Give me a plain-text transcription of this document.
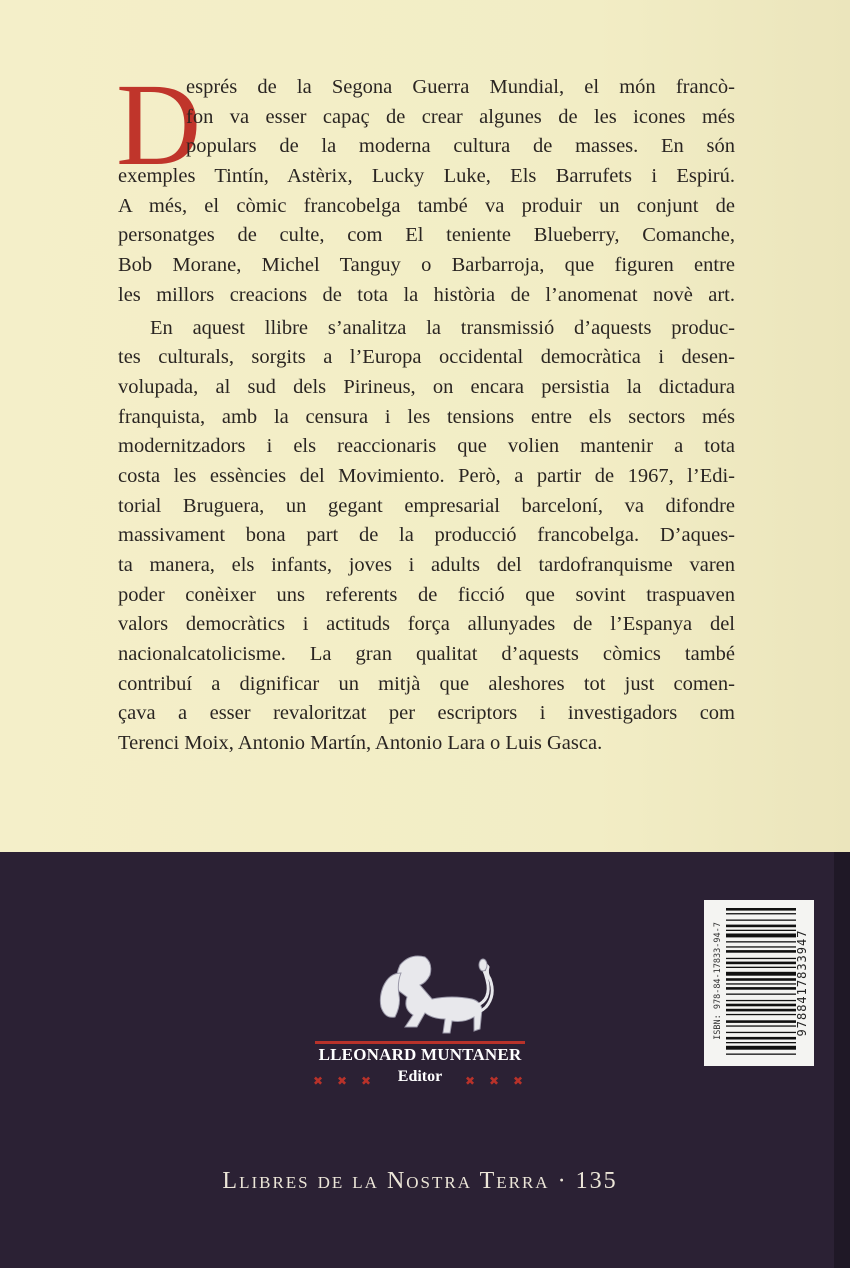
D
esprés de la Segona Guerra Mundial, el món francò-
fon va esser capaç de crear algunes de les icones més
populars de la moderna cultura de masses. En són
exemples Tintín, Astèrix, Lucky Luke, Els Barrufets i Espirú.
A més, el còmic francobelga també va produir un conjunt de
personatges de culte, com El teniente Blueberry, Comanche,
Bob Morane, Michel Tanguy o Barbarroja, que figuren entre
les millors creacions de tota la història de l’anomenat novè art.
En aquest llibre s’analitza la transmissió d’aquests produc-
tes culturals, sorgits a l’Europa occidental democràtica i desen-
volupada, al sud dels Pirineus, on encara persistia la dictadura
franquista, amb la censura i les tensions entre els sectors més
modernitzadors i els reaccionaris que volien mantenir a tota
costa les essències del Movimiento. Però, a partir de 1967, l’Edi-
torial Bruguera, un gegant empresarial barceloní, va difondre
massivament bona part de la producció francobelga. D’aques-
ta manera, els infants, joves i adults del tardofranquisme varen
poder conèixer uns referents de ficció que sovint traspuaven
valors democràtics i actituds força allunyades de l’Espanya del
nacionalcatolicisme. La gran qualitat d’aquests còmics també
contribuí a dignificar un mitjà que aleshores tot just comen-
çava a esser revaloritzat per escriptors i investigadors com
Terenci Moix, Antonio Martín, Antonio Lara o Luis Gasca.
LLEONARD MUNTANER
Editor
✖ ✖ ✖	✖ ✖ ✖
ISBN: 978-84-17833-94-7	9788417833947
Llibres de la Nostra Terra · 135
